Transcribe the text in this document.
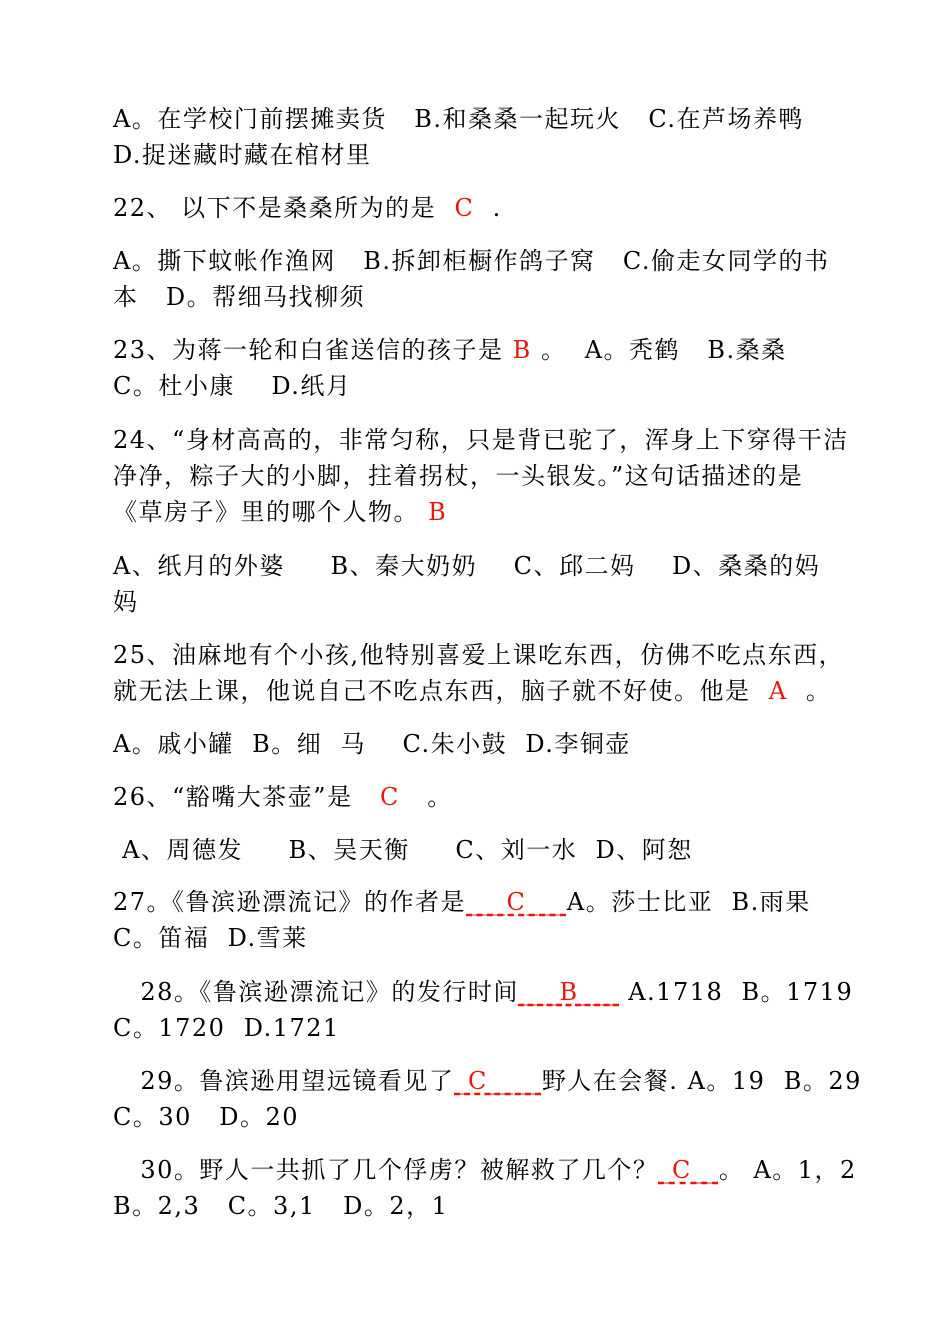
A。在学校门前摆摊卖货   B.和桑桑一起玩火   C.在芦场养鸭
D.捉迷藏时藏在棺材里
22、 以下不是桑桑所为的是  C  .
A。撕下蚊帐作渔网   B.拆卸柜橱作鸽子窝   C.偷走女同学的书
本   D。帮细马找柳须
23、为蒋一轮和白雀送信的孩子是 B 。  A。秃鹤   B.桑桑
C。杜小康    D.纸月
24、“身材高高的，非常匀称，只是背已驼了，浑身上下穿得干洁
净净，粽子大的小脚，拄着拐杖，一头银发。”这句话描述的是
《草房子》里的哪个人物。 B
A、纸月的外婆     B、秦大奶奶    C、邱二妈    D、桑桑的妈
妈
25、油麻地有个小孩,他特别喜爱上课吃东西，仿佛不吃点东西，
就无法上课，他说自己不吃点东西，脑子就不好使。他是  A  。
A。戚小罐  B。细  马    C.朱小鼓  D.李铜壶
26、“豁嘴大茶壶”是   C   。
A、周德发     B、吴天衡     C、刘一水  D、阿恕
27。《鲁滨逊漂流记》的作者是___C___A。莎士比亚  B.雨果
C。笛福  D.雪莱
28。《鲁滨逊漂流记》的发行时间___B___ A.1718  B。1719
C。1720  D.1721
29。鲁滨逊用望远镜看见了_C____野人在会餐. A。19  B。29
C。30   D。20
30。野人一共抓了几个俘虏？被解救了几个？_C__。 A。1，2
B。2,3   C。3,1   D。2，1
